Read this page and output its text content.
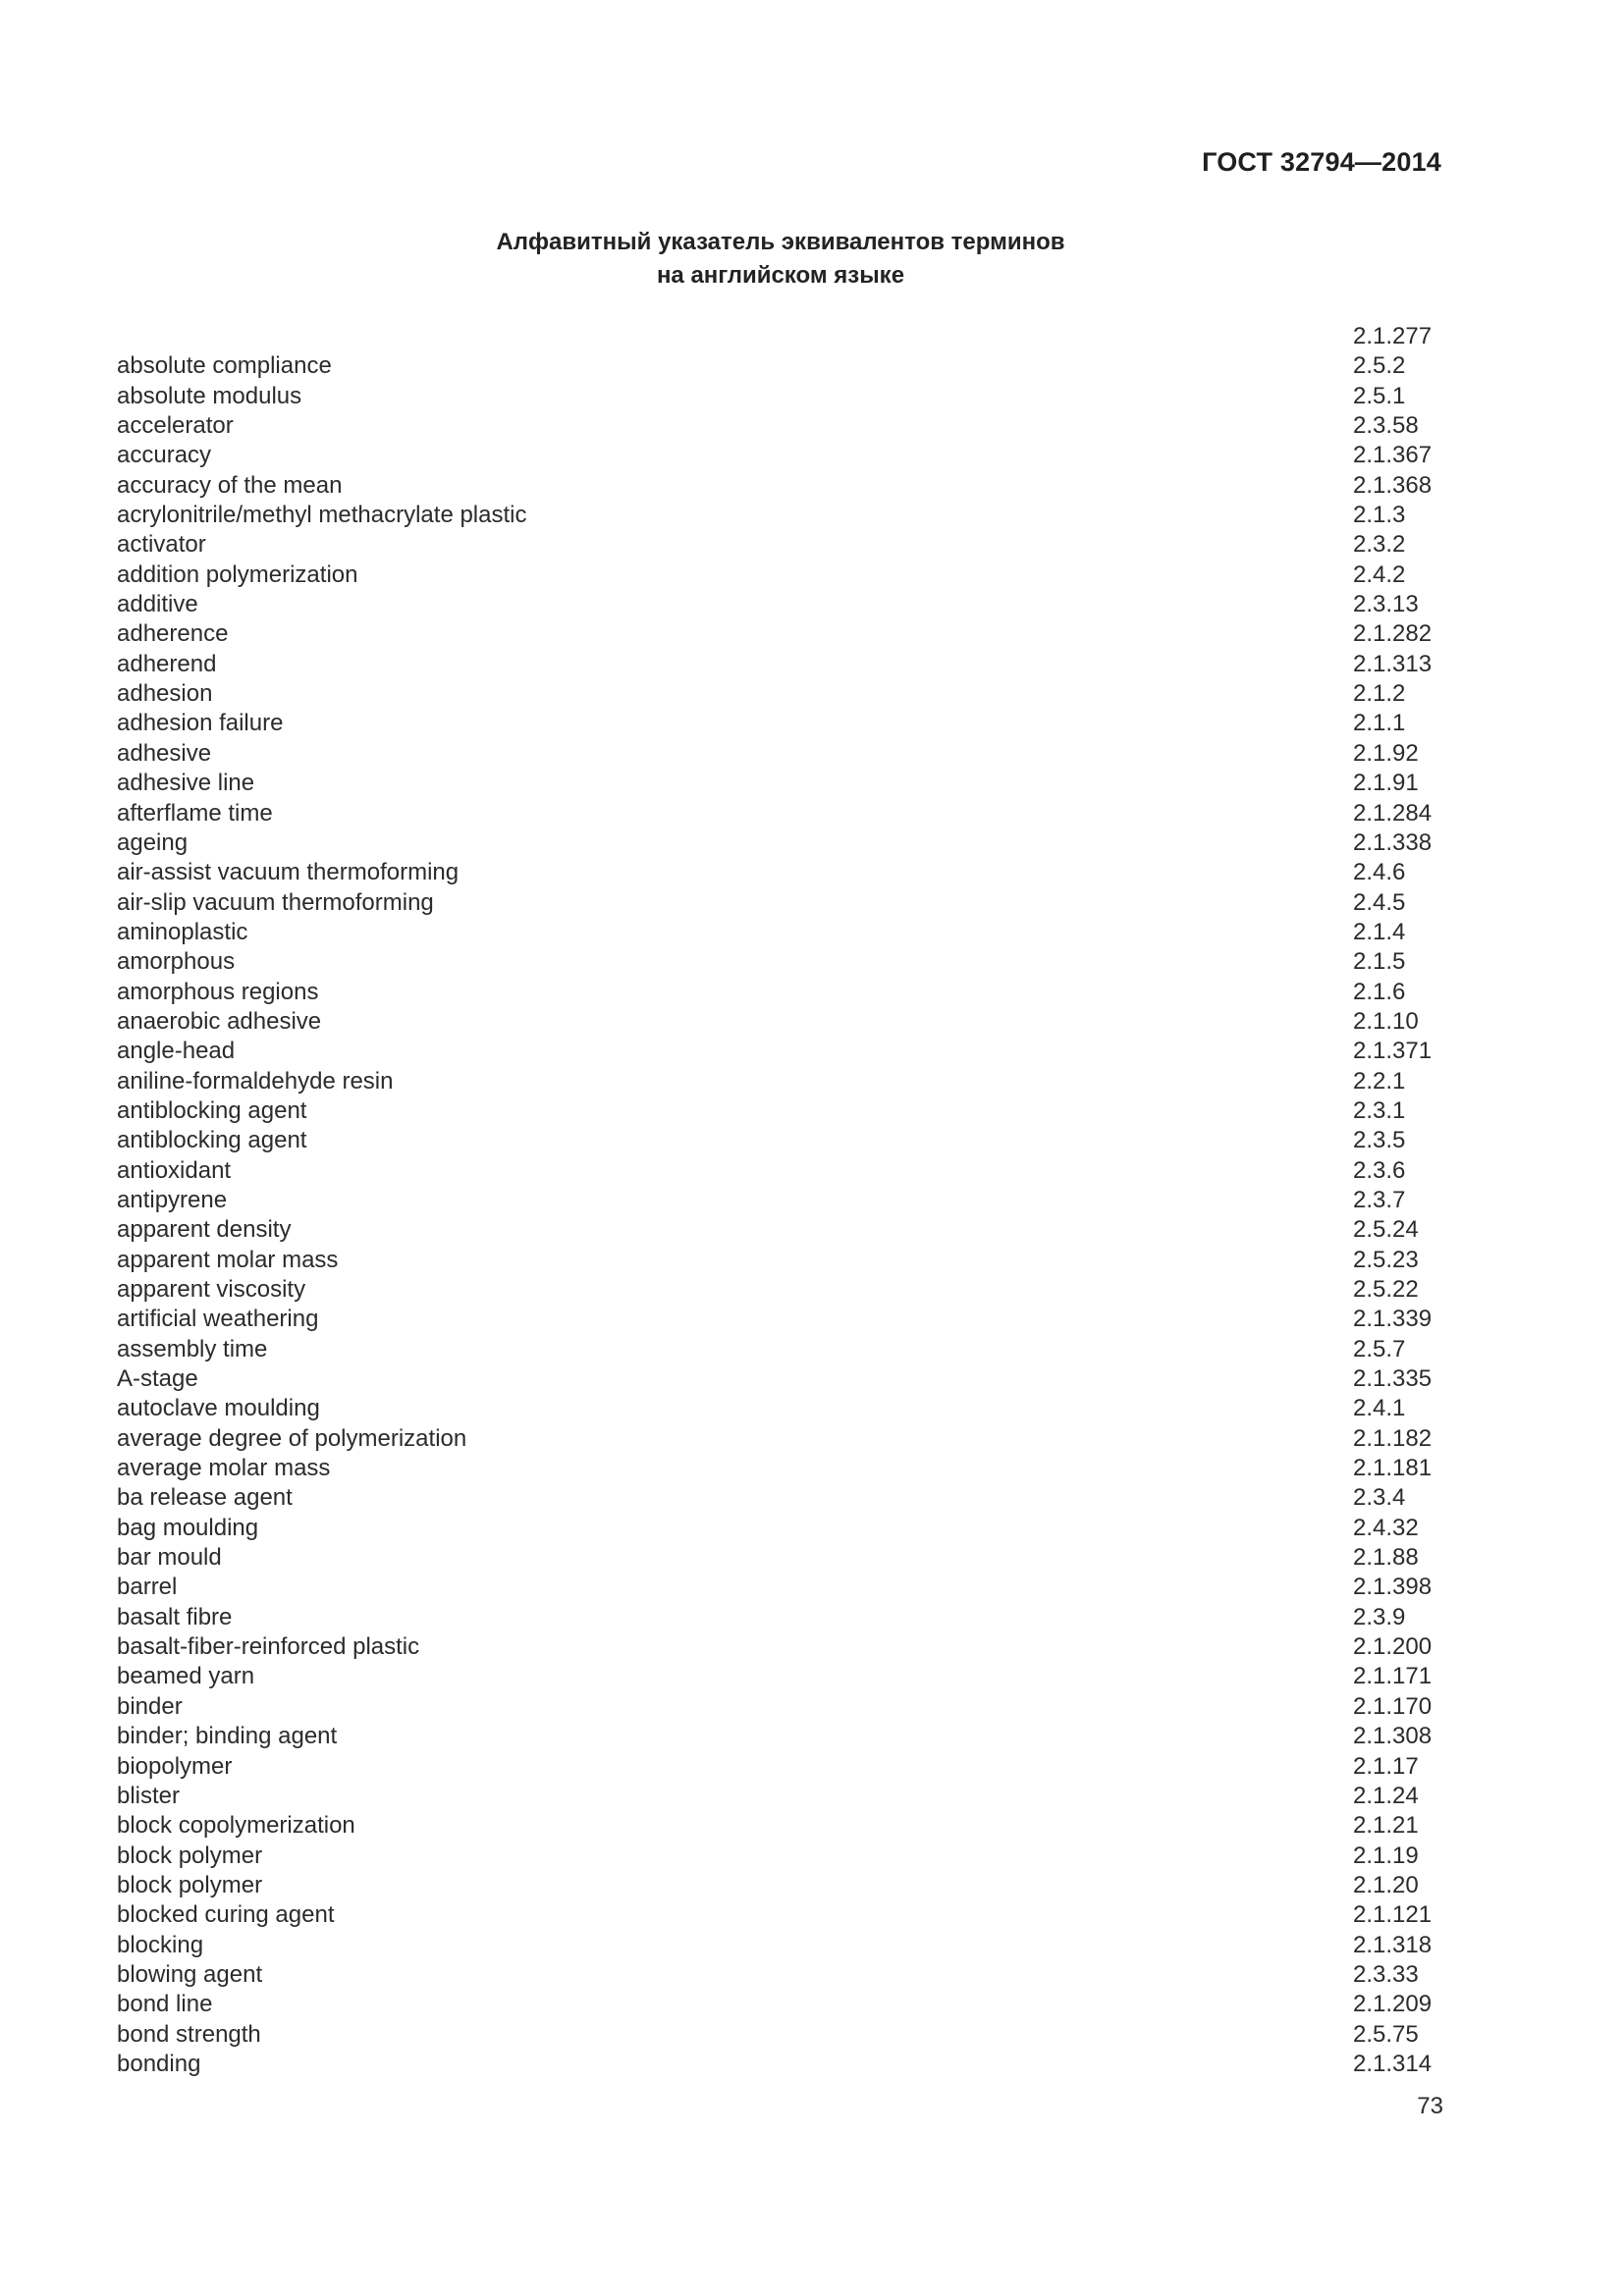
ГОСТ 32794—2014
Алфавитный указатель эквивалентов терминов
на английском языке
2.1.277
absolute compliance	2.5.2
absolute modulus	2.5.1
accelerator	2.3.58
accuracy	2.1.367
accuracy of the mean	2.1.368
acrylonitrile/methyl methacrylate plastic	2.1.3
activator	2.3.2
addition polymerization	2.4.2
additive	2.3.13
adherence	2.1.282
adherend	2.1.313
adhesion	2.1.2
adhesion failure	2.1.1
adhesive	2.1.92
adhesive line	2.1.91
afterflame time	2.1.284
ageing	2.1.338
air-assist vacuum thermoforming	2.4.6
air-slip vacuum thermoforming	2.4.5
aminoplastic	2.1.4
amorphous	2.1.5
amorphous regions	2.1.6
anaerobic adhesive	2.1.10
angle-head	2.1.371
aniline-formaldehyde resin	2.2.1
antiblocking agent	2.3.1
antiblocking agent	2.3.5
antioxidant	2.3.6
antipyrene	2.3.7
apparent density	2.5.24
apparent molar mass	2.5.23
apparent viscosity	2.5.22
artificial weathering	2.1.339
assembly time	2.5.7
A-stage	2.1.335
autoclave moulding	2.4.1
average degree of polymerization	2.1.182
average molar mass	2.1.181
ba release agent	2.3.4
bag moulding	2.4.32
bar mould	2.1.88
barrel	2.1.398
basalt fibre	2.3.9
basalt-fiber-reinforced plastic	2.1.200
beamed yarn	2.1.171
binder	2.1.170
binder; binding agent	2.1.308
biopolymer	2.1.17
blister	2.1.24
block copolymerization	2.1.21
block polymer	2.1.19
block polymer	2.1.20
blocked curing agent	2.1.121
blocking	2.1.318
blowing agent	2.3.33
bond line	2.1.209
bond strength	2.5.75
bonding	2.1.314
73
